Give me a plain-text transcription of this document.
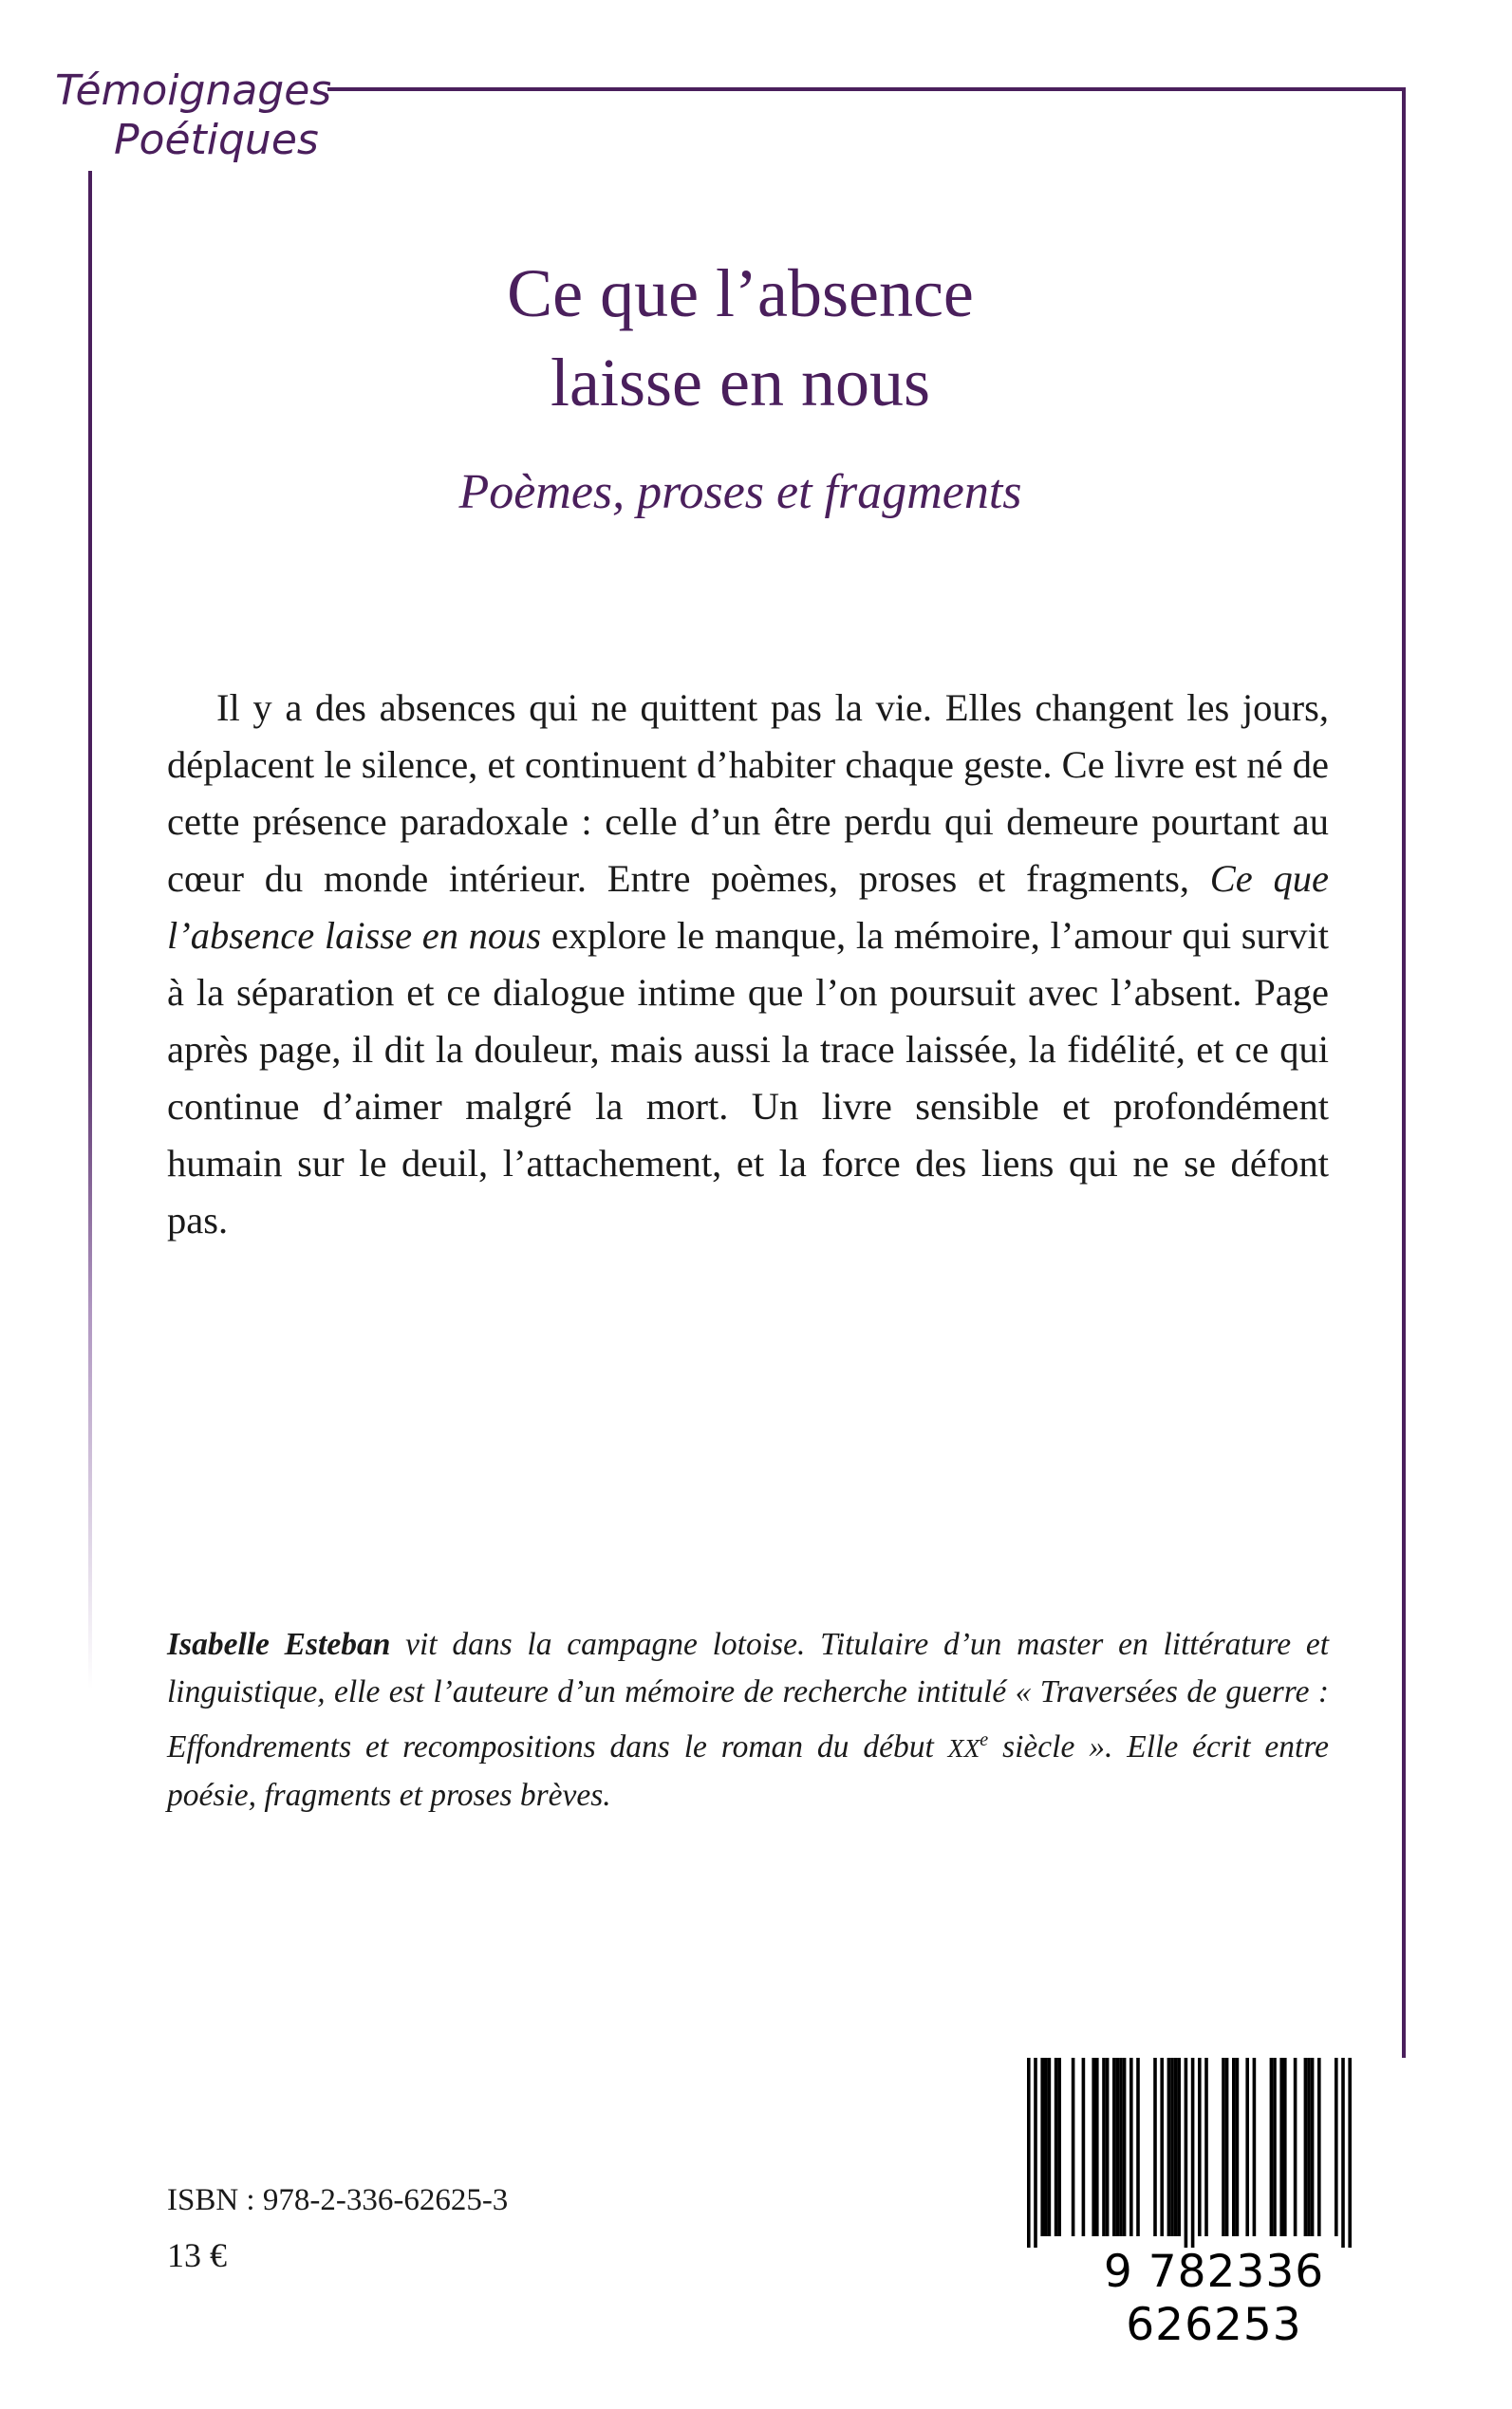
Témoignages
Poétiques
Ce que l’absence
laisse en nous
Poèmes, proses et fragments

Il y a des absences qui ne quittent pas la vie. Elles changent les jours, déplacent le silence, et continuent d’habiter chaque geste. Ce livre est né de cette présence paradoxale : celle d’un être perdu qui demeure pourtant au cœur du monde intérieur. Entre poèmes, proses et fragments, Ce que l’absence laisse en nous explore le manque, la mémoire, l’amour qui survit à la séparation et ce dialogue intime que l’on poursuit avec l’absent. Page après page, il dit la douleur, mais aussi la trace laissée, la fidélité, et ce qui continue d’aimer malgré la mort. Un livre sensible et profondément humain sur le deuil, l’attachement, et la force des liens qui ne se défont pas.

Isabelle Esteban vit dans la campagne lotoise. Titulaire d’un master en littérature et linguistique, elle est l’auteure d’un mémoire de recherche intitulé « Traversées de guerre : Effondrements et recompositions dans le roman du début XXe siècle ». Elle écrit entre poésie, fragments et proses brèves.

ISBN : 978-2-336-62625-3
13 €	9 782336 626253
